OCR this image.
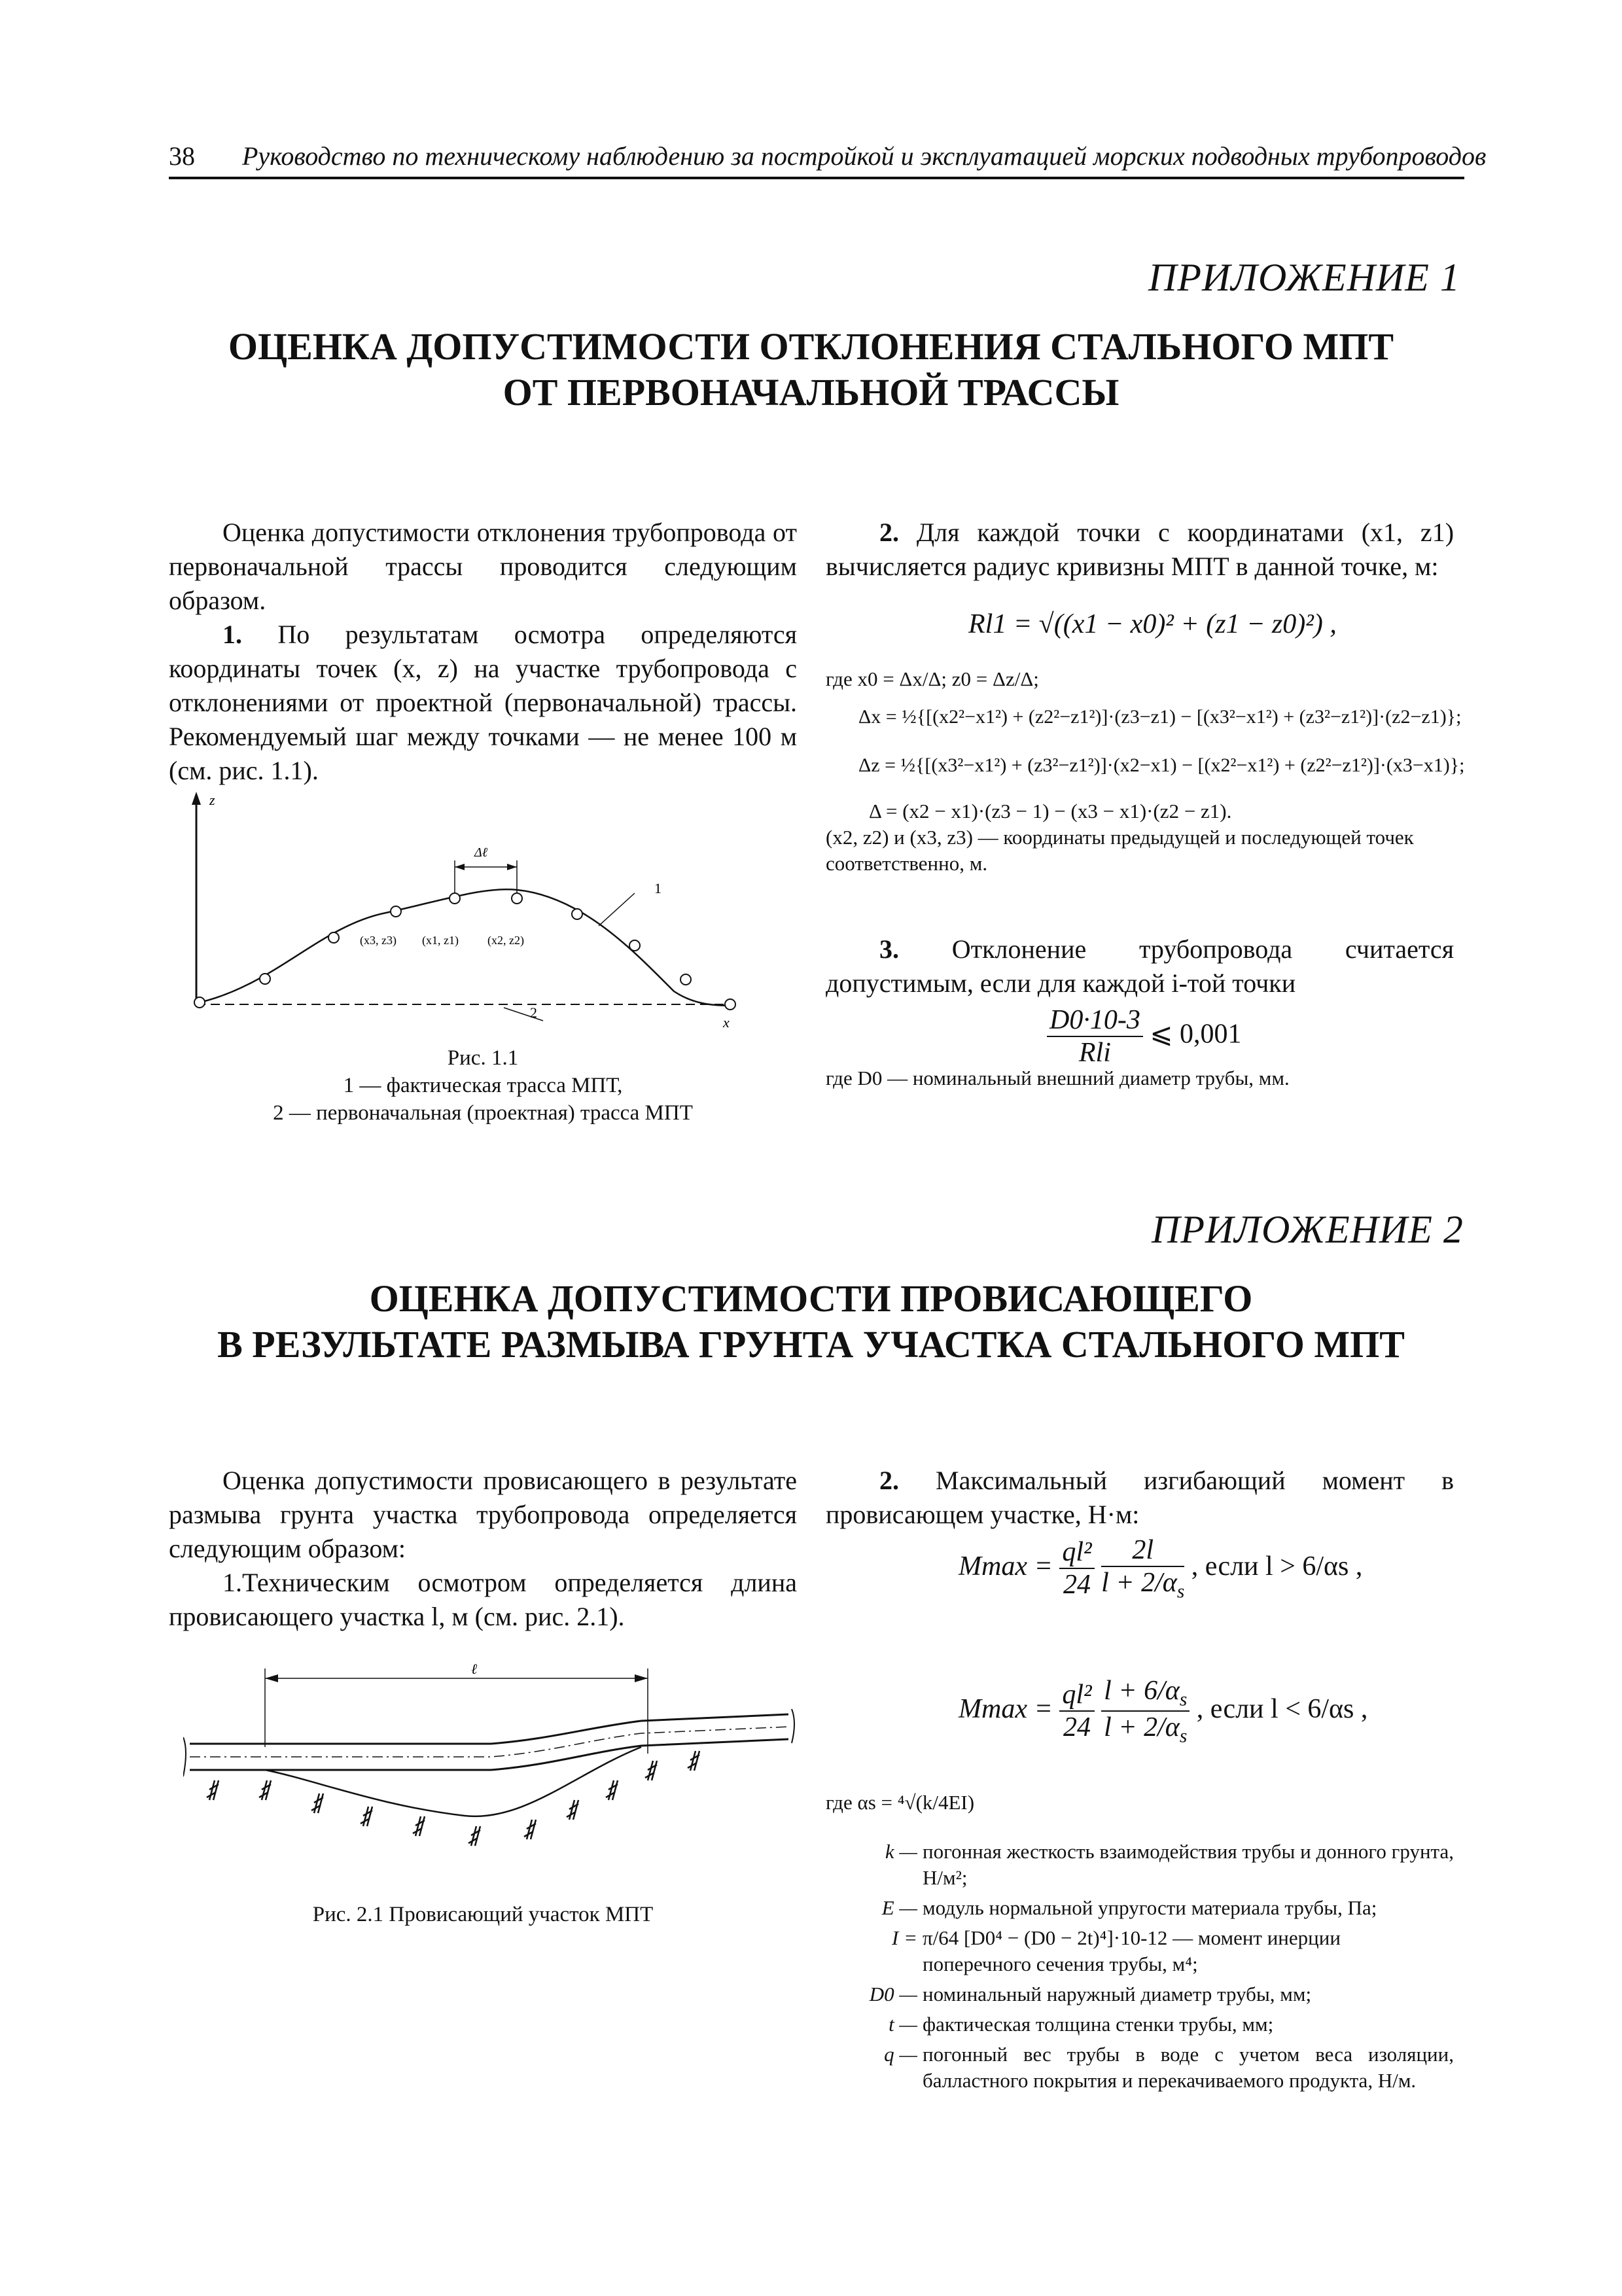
38 Руководство по техническому наблюдению за постройкой и эксплуатацией морских подводных трубопроводов
ПРИЛОЖЕНИЕ 1
ОЦЕНКА ДОПУСТИМОСТИ ОТКЛОНЕНИЯ СТАЛЬНОГО МПТ
ОТ ПЕРВОНАЧАЛЬНОЙ ТРАССЫ

Оценка допустимости отклонения трубопровода от первоначальной трассы проводится следующим образом.

1. По результатам осмотра определяются координаты точек (x, z) на участке трубопровода с отклонениями от проектной (первоначальной) трассы. Рекомендуемый шаг между точками — не менее 100 м (см. рис. 1.1).

z
x
Δℓ
(x3, z3) (x1, z1) (x2, z2)
1
2
Рис. 1.1
1 — фактическая трасса МПТ,
2 — первоначальная (проектная) трасса МПТ

2. Для каждой точки с координатами (x1, z1) вычисляется радиус кривизны МПТ в данной точке, м:

Rl1 = √((x1 − x0)² + (z1 − z0)²) ,
где x0 = Δx/Δ; z0 = Δz/Δ;
Δx = ½{[(x2²−x1²) + (z2²−z1²)]·(z3−z1) − [(x3²−x1²) + (z3²−z1²)]·(z2−z1)};
Δz = ½{[(x3²−x1²) + (z3²−z1²)]·(x2−x1) − [(x2²−x1²) + (z2²−z1²)]·(x3−x1)};
Δ = (x2 − x1)·(z3 − 1) − (x3 − x1)·(z2 − z1).
(x2, z2) и (x3, z3) — координаты предыдущей и последующей точек соответственно, м.

3. Отклонение трубопровода считается допустимым, если для каждой i-той точки

$\frac{D0\cdot 10-3}{\text{Rli}}$ ⩽ 0,001
где D0 — номинальный внешний диаметр трубы, мм.
ПРИЛОЖЕНИЕ 2
ОЦЕНКА ДОПУСТИМОСТИ ПРОВИСАЮЩЕГО
В РЕЗУЛЬТАТЕ РАЗМЫВА ГРУНТА УЧАСТКА СТАЛЬНОГО МПТ

Оценка допустимости провисающего в результате размыва грунта участка трубопровода определяется следующим образом:

1.Техническим осмотром определяется длина провисающего участка l, м (см. рис. 2.1).

ℓ
Рис. 2.1 Провисающий участок МПТ

2. Максимальный изгибающий момент в провисающем участке, Н·м:

$Mmax = \frac{\text{ql²}}{24}$
$\frac{2l}{l + 2/\alpha_s}$ , если l > 6/αs ,
$Mmax = \frac{\text{ql²}}{24}$
$\frac{l + 6/\alpha_s}{l + 2/\alpha_s}$ , если l < 6/αs ,
где αs = ⁴√(k/4EI)
k — погонная жесткость взаимодействия трубы и донного грунта, Н/м²;
E — модуль нормальной упругости материала трубы, Па;
I = π/64 [D0⁴ − (D0 − 2t)⁴]·10-12 — момент инерции поперечного сечения трубы, м⁴;
D0 — номинальный наружный диаметр трубы, мм;
t — фактическая толщина стенки трубы, мм;
q — погонный вес трубы в воде с учетом веса изоляции, балластного покрытия и перекачиваемого продукта, Н/м.
